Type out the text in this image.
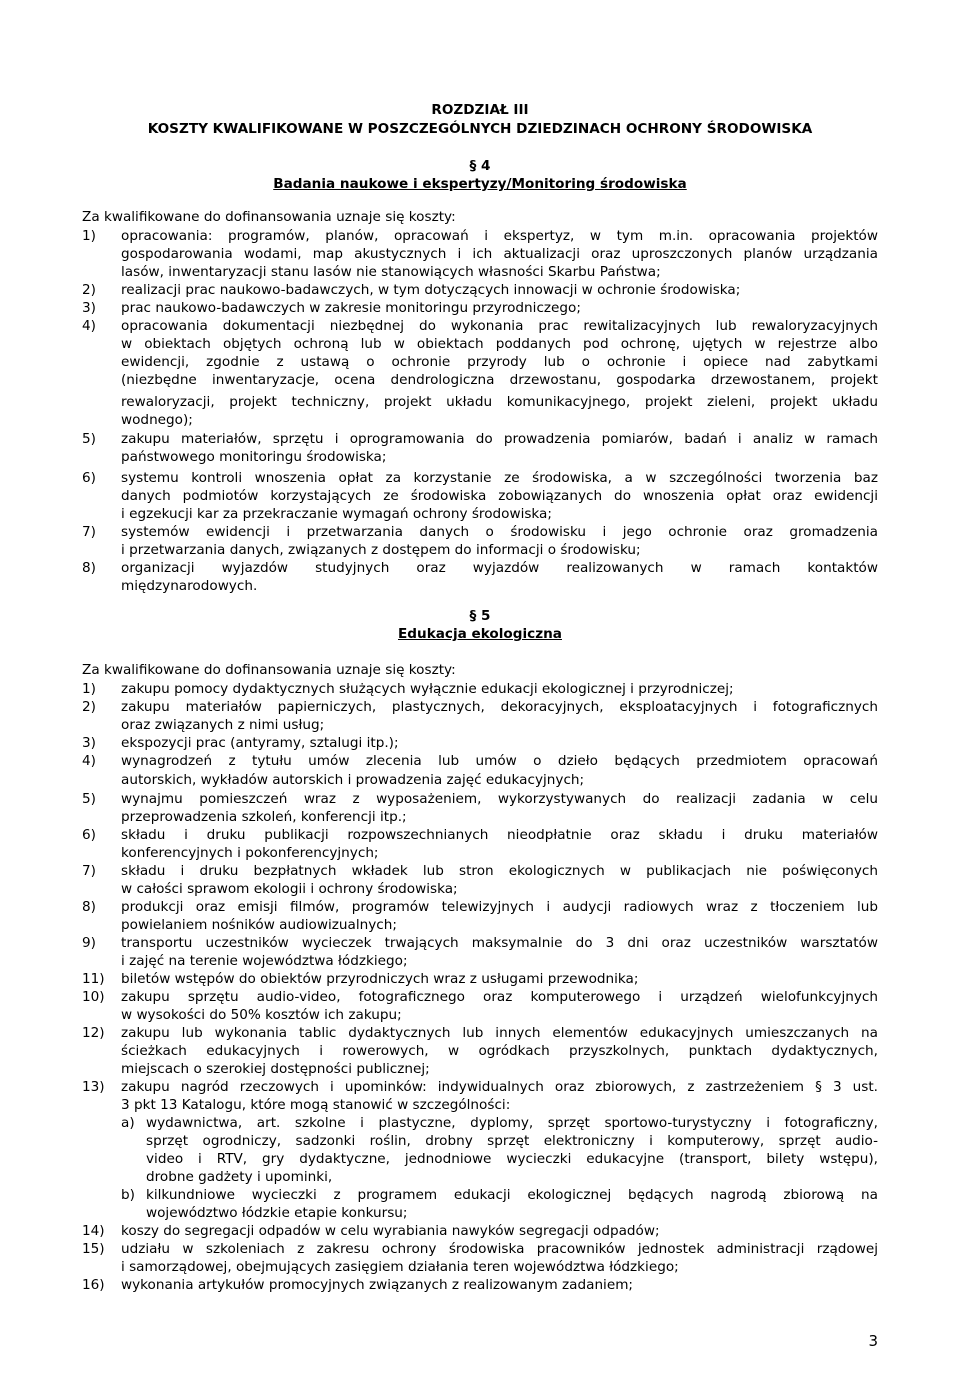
ROZDZIAŁ III
KOSZTY KWALIFIKOWANE W POSZCZEGÓLNYCH DZIEDZINACH OCHRONY ŚRODOWISKA
§ 4
Badania naukowe i ekspertyzy/Monitoring środowiska
Za kwalifikowane do dofinansowania uznaje się koszty:
1) opracowania: programów, planów, opracowań i ekspertyz, w tym m.in. opracowania projektów
gospodarowania wodami, map akustycznych i ich aktualizacji oraz uproszczonych planów urządzania
lasów, inwentaryzacji stanu lasów nie stanowiących własności Skarbu Państwa;
2) realizacji prac naukowo-badawczych, w tym dotyczących innowacji w ochronie środowiska;
3) prac naukowo-badawczych w zakresie monitoringu przyrodniczego;
4) opracowania dokumentacji niezbędnej do wykonania prac rewitalizacyjnych lub rewaloryzacyjnych
w obiektach objętych ochroną lub w obiektach poddanych pod ochronę, ujętych w rejestrze albo
ewidencji, zgodnie z ustawą o ochronie przyrody lub o ochronie i opiece nad zabytkami
(niezbędne inwentaryzacje, ocena dendrologiczna drzewostanu, gospodarka drzewostanem, projekt
rewaloryzacji, projekt techniczny, projekt układu komunikacyjnego, projekt zieleni, projekt układu
wodnego);
5) zakupu materiałów, sprzętu i oprogramowania do prowadzenia pomiarów, badań i analiz w ramach
państwowego monitoringu środowiska;
6) systemu kontroli wnoszenia opłat za korzystanie ze środowiska, a w szczególności tworzenia baz
danych podmiotów korzystających ze środowiska zobowiązanych do wnoszenia opłat oraz ewidencji
i egzekucji kar za przekraczanie wymagań ochrony środowiska;
7) systemów ewidencji i przetwarzania danych o środowisku i jego ochronie oraz gromadzenia
i przetwarzania danych, związanych z dostępem do informacji o środowisku;
8) organizacji wyjazdów studyjnych oraz wyjazdów realizowanych w ramach kontaktów
międzynarodowych.
§ 5
Edukacja ekologiczna
Za kwalifikowane do dofinansowania uznaje się koszty:
1) zakupu pomocy dydaktycznych służących wyłącznie edukacji ekologicznej i przyrodniczej;
2) zakupu materiałów papierniczych, plastycznych, dekoracyjnych, eksploatacyjnych i fotograficznych
oraz związanych z nimi usług;
3) ekspozycji prac (antyramy, sztalugi itp.);
4) wynagrodzeń z tytułu umów zlecenia lub umów o dzieło będących przedmiotem opracowań
autorskich, wykładów autorskich i prowadzenia zajęć edukacyjnych;
5) wynajmu pomieszczeń wraz z wyposażeniem, wykorzystywanych do realizacji zadania w celu
przeprowadzenia szkoleń, konferencji itp.;
6) składu i druku publikacji rozpowszechnianych nieodpłatnie oraz składu i druku materiałów
konferencyjnych i pokonferencyjnych;
7) składu i druku bezpłatnych wkładek lub stron ekologicznych w publikacjach nie poświęconych
w całości sprawom ekologii i ochrony środowiska;
8) produkcji oraz emisji filmów, programów telewizyjnych i audycji radiowych wraz z tłoczeniem lub
powielaniem nośników audiowizualnych;
9) transportu uczestników wycieczek trwających maksymalnie do 3 dni oraz uczestników warsztatów
i zajęć na terenie województwa łódzkiego;
11) biletów wstępów do obiektów przyrodniczych wraz z usługami przewodnika;
10) zakupu sprzętu audio-video, fotograficznego oraz komputerowego i urządzeń wielofunkcyjnych
w wysokości do 50% kosztów ich zakupu;
12) zakupu lub wykonania tablic dydaktycznych lub innych elementów edukacyjnych umieszczanych na
ścieżkach edukacyjnych i rowerowych, w ogródkach przyszkolnych, punktach dydaktycznych,
miejscach o szerokiej dostępności publicznej;
13) zakupu nagród rzeczowych i upominków: indywidualnych oraz zbiorowych, z zastrzeżeniem § 3 ust.
3 pkt 13 Katalogu, które mogą stanowić w szczególności:
a) wydawnictwa, art. szkolne i plastyczne, dyplomy, sprzęt sportowo-turystyczny i fotograficzny,
sprzęt ogrodniczy, sadzonki roślin, drobny sprzęt elektroniczny i komputerowy, sprzęt audio-
video i RTV, gry dydaktyczne, jednodniowe wycieczki edukacyjne (transport, bilety wstępu),
drobne gadżety i upominki,
b) kilkundniowe wycieczki z programem edukacji ekologicznej będących nagrodą zbiorową na
województwo łódzkie etapie konkursu;
14) koszy do segregacji odpadów w celu wyrabiania nawyków segregacji odpadów;
15) udziału w szkoleniach z zakresu ochrony środowiska pracowników jednostek administracji rządowej
i samorządowej, obejmujących zasięgiem działania teren województwa łódzkiego;
16) wykonania artykułów promocyjnych związanych z realizowanym zadaniem;
3
